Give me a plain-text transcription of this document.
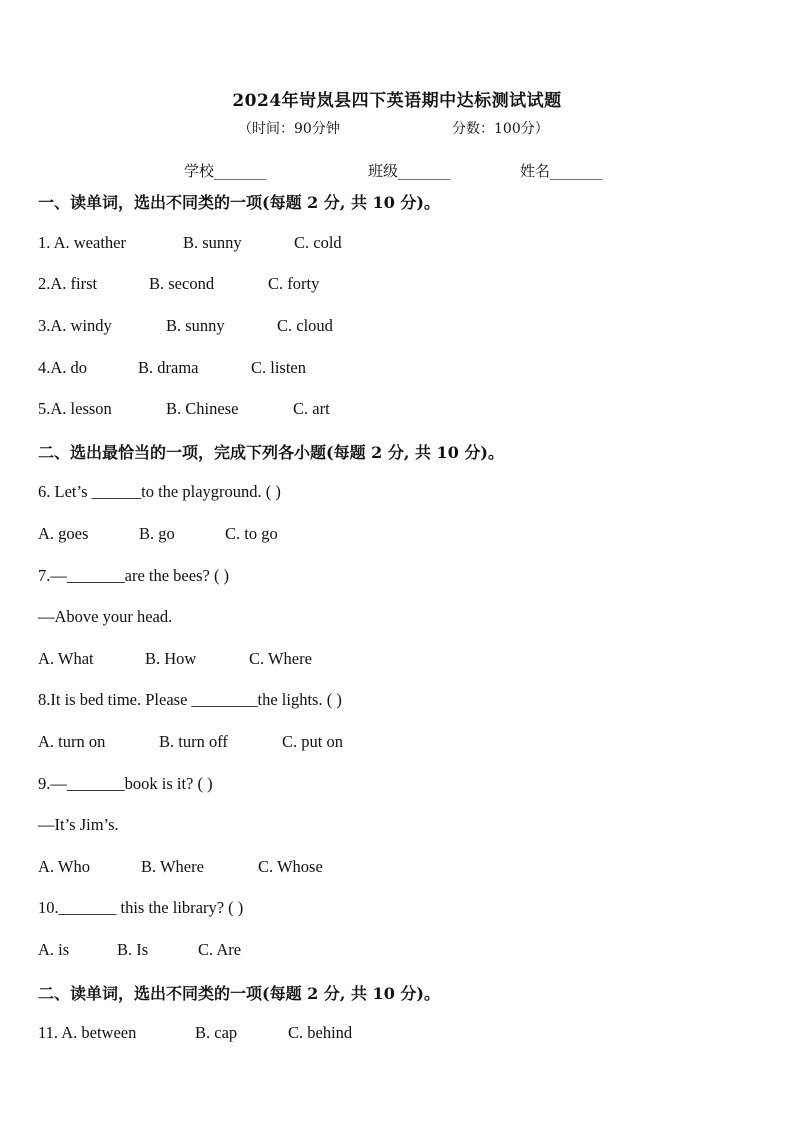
2024年岢岚县四下英语期中达标测试试题
（时间：90分钟	分数：100分）
学校_______	班级_______	姓名_______
一、读单词，选出不同类的一项(每题 2 分, 共 10 分)。
1. A. weather	B. sunny	C. cold
2.A. first	B. second	C. forty
3.A. windy	B. sunny	C. cloud
4.A. do	B. drama	C. listen
5.A. lesson	B. Chinese	C. art
二、选出最恰当的一项，完成下列各小题(每题 2 分, 共 10 分)。
6. Let’s ______to the playground. ( )
A. goes	B. go	C. to go
7.—_______are the bees? ( )
—Above your head.
A. What	B. How	C. Where
8.It is bed time. Please ________the lights. ( )
A. turn on	B. turn off	C. put on
9.—_______book is it? ( )
—It’s Jim’s.
A. Who	B. Where	C. Whose
10._______ this the library? ( )
A. is	B. Is	C. Are
二、读单词，选出不同类的一项(每题 2 分, 共 10 分)。
11. A. between	B. cap	C. behind
